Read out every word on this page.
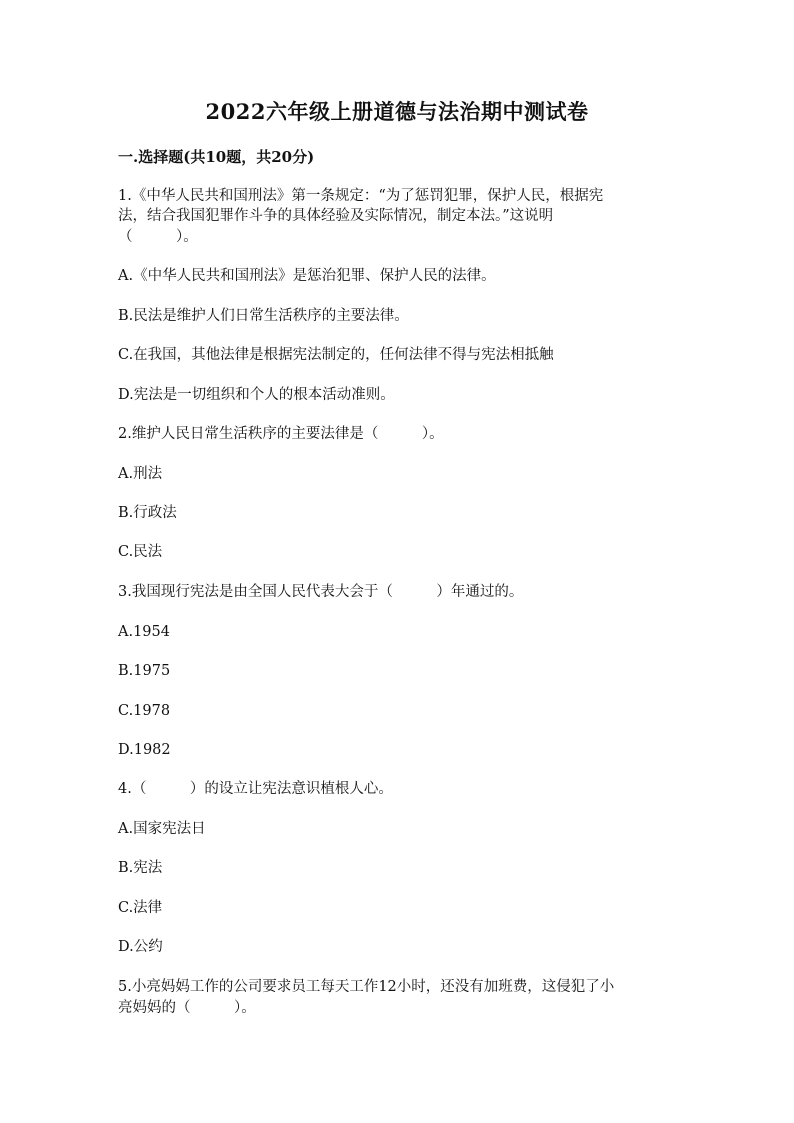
2022六年级上册道德与法治期中测试卷
一.选择题(共10题，共20分)
1.《中华人民共和国刑法》第一条规定：“为了惩罚犯罪，保护人民，根据宪
法，结合我国犯罪作斗争的具体经验及实际情况，制定本法。”这说明
（　　　）。
A.《中华人民共和国刑法》是惩治犯罪、保护人民的法律。
B.民法是维护人们日常生活秩序的主要法律。
C.在我国，其他法律是根据宪法制定的，任何法律不得与宪法相抵触
D.宪法是一切组织和个人的根本活动准则。
2.维护人民日常生活秩序的主要法律是（　　　）。
A.刑法
B.行政法
C.民法
3.我国现行宪法是由全国人民代表大会于（　　　）年通过的。
A.1954
B.1975
C.1978
D.1982
4.（　　　）的设立让宪法意识植根人心。
A.国家宪法日
B.宪法
C.法律
D.公约
5.小亮妈妈工作的公司要求员工每天工作12小时，还没有加班费，这侵犯了小
亮妈妈的（　　　）。
